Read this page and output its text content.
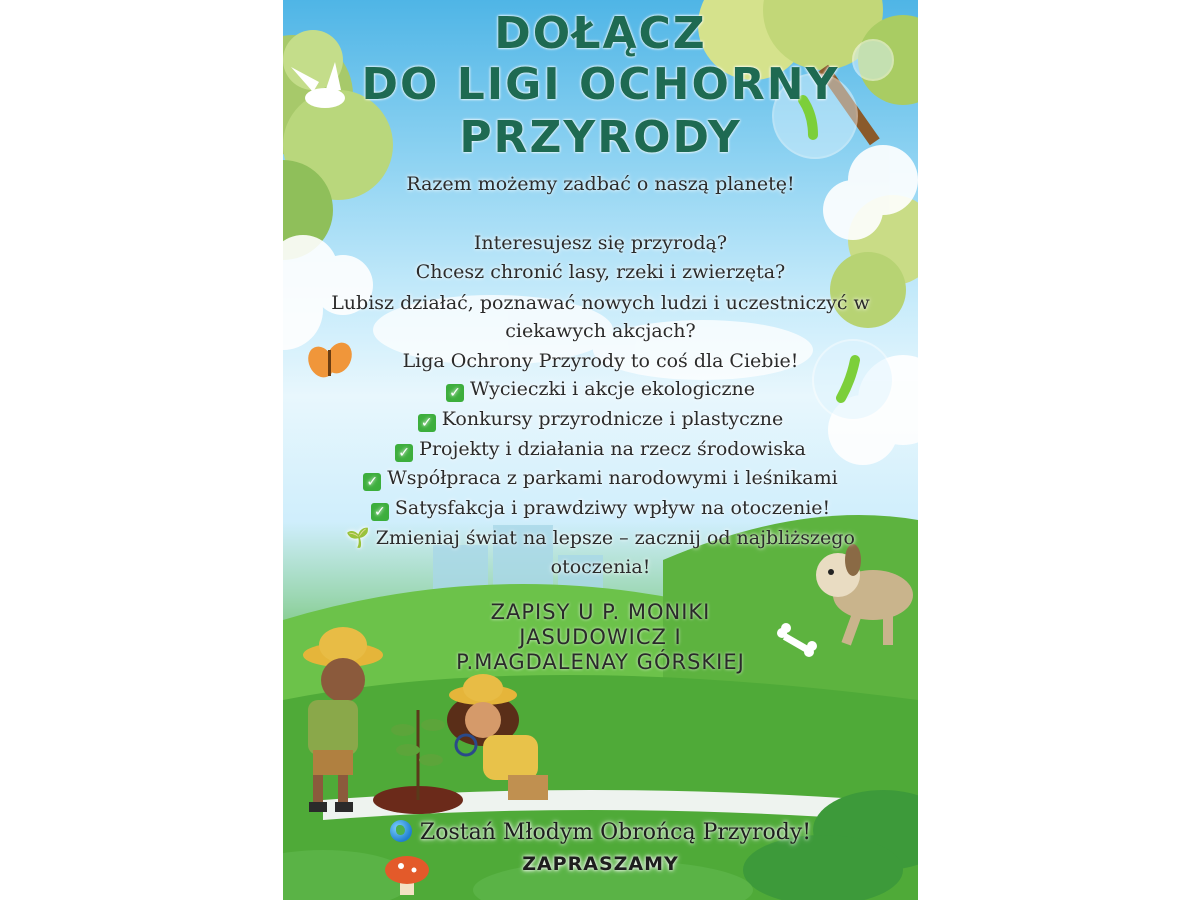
DOŁĄCZ
DO LIGI OCHORNY
PRZYRODY
Razem możemy zadbać o naszą planetę!
Interesujesz się przyrodą?
Chcesz chronić lasy, rzeki i zwierzęta?
Lubisz działać, poznawać nowych ludzi i uczestniczyć w
ciekawych akcjach?
Liga Ochrony Przyrody to coś dla Ciebie!
✓ Wycieczki i akcje ekologiczne
✓ Konkursy przyrodnicze i plastyczne
✓ Projekty i działania na rzecz środowiska
✓ Współpraca z parkami narodowymi i leśnikami
✓ Satysfakcja i prawdziwy wpływ na otoczenie!
🌱 Zmieniaj świat na lepsze – zacznij od najbliższego
otoczenia!
ZAPISY U P. MONIKI
JASUDOWICZ I
P.MAGDALENAY GÓRSKIEJ
Zostań Młodym Obrońcą Przyrody!
ZAPRASZAMY
